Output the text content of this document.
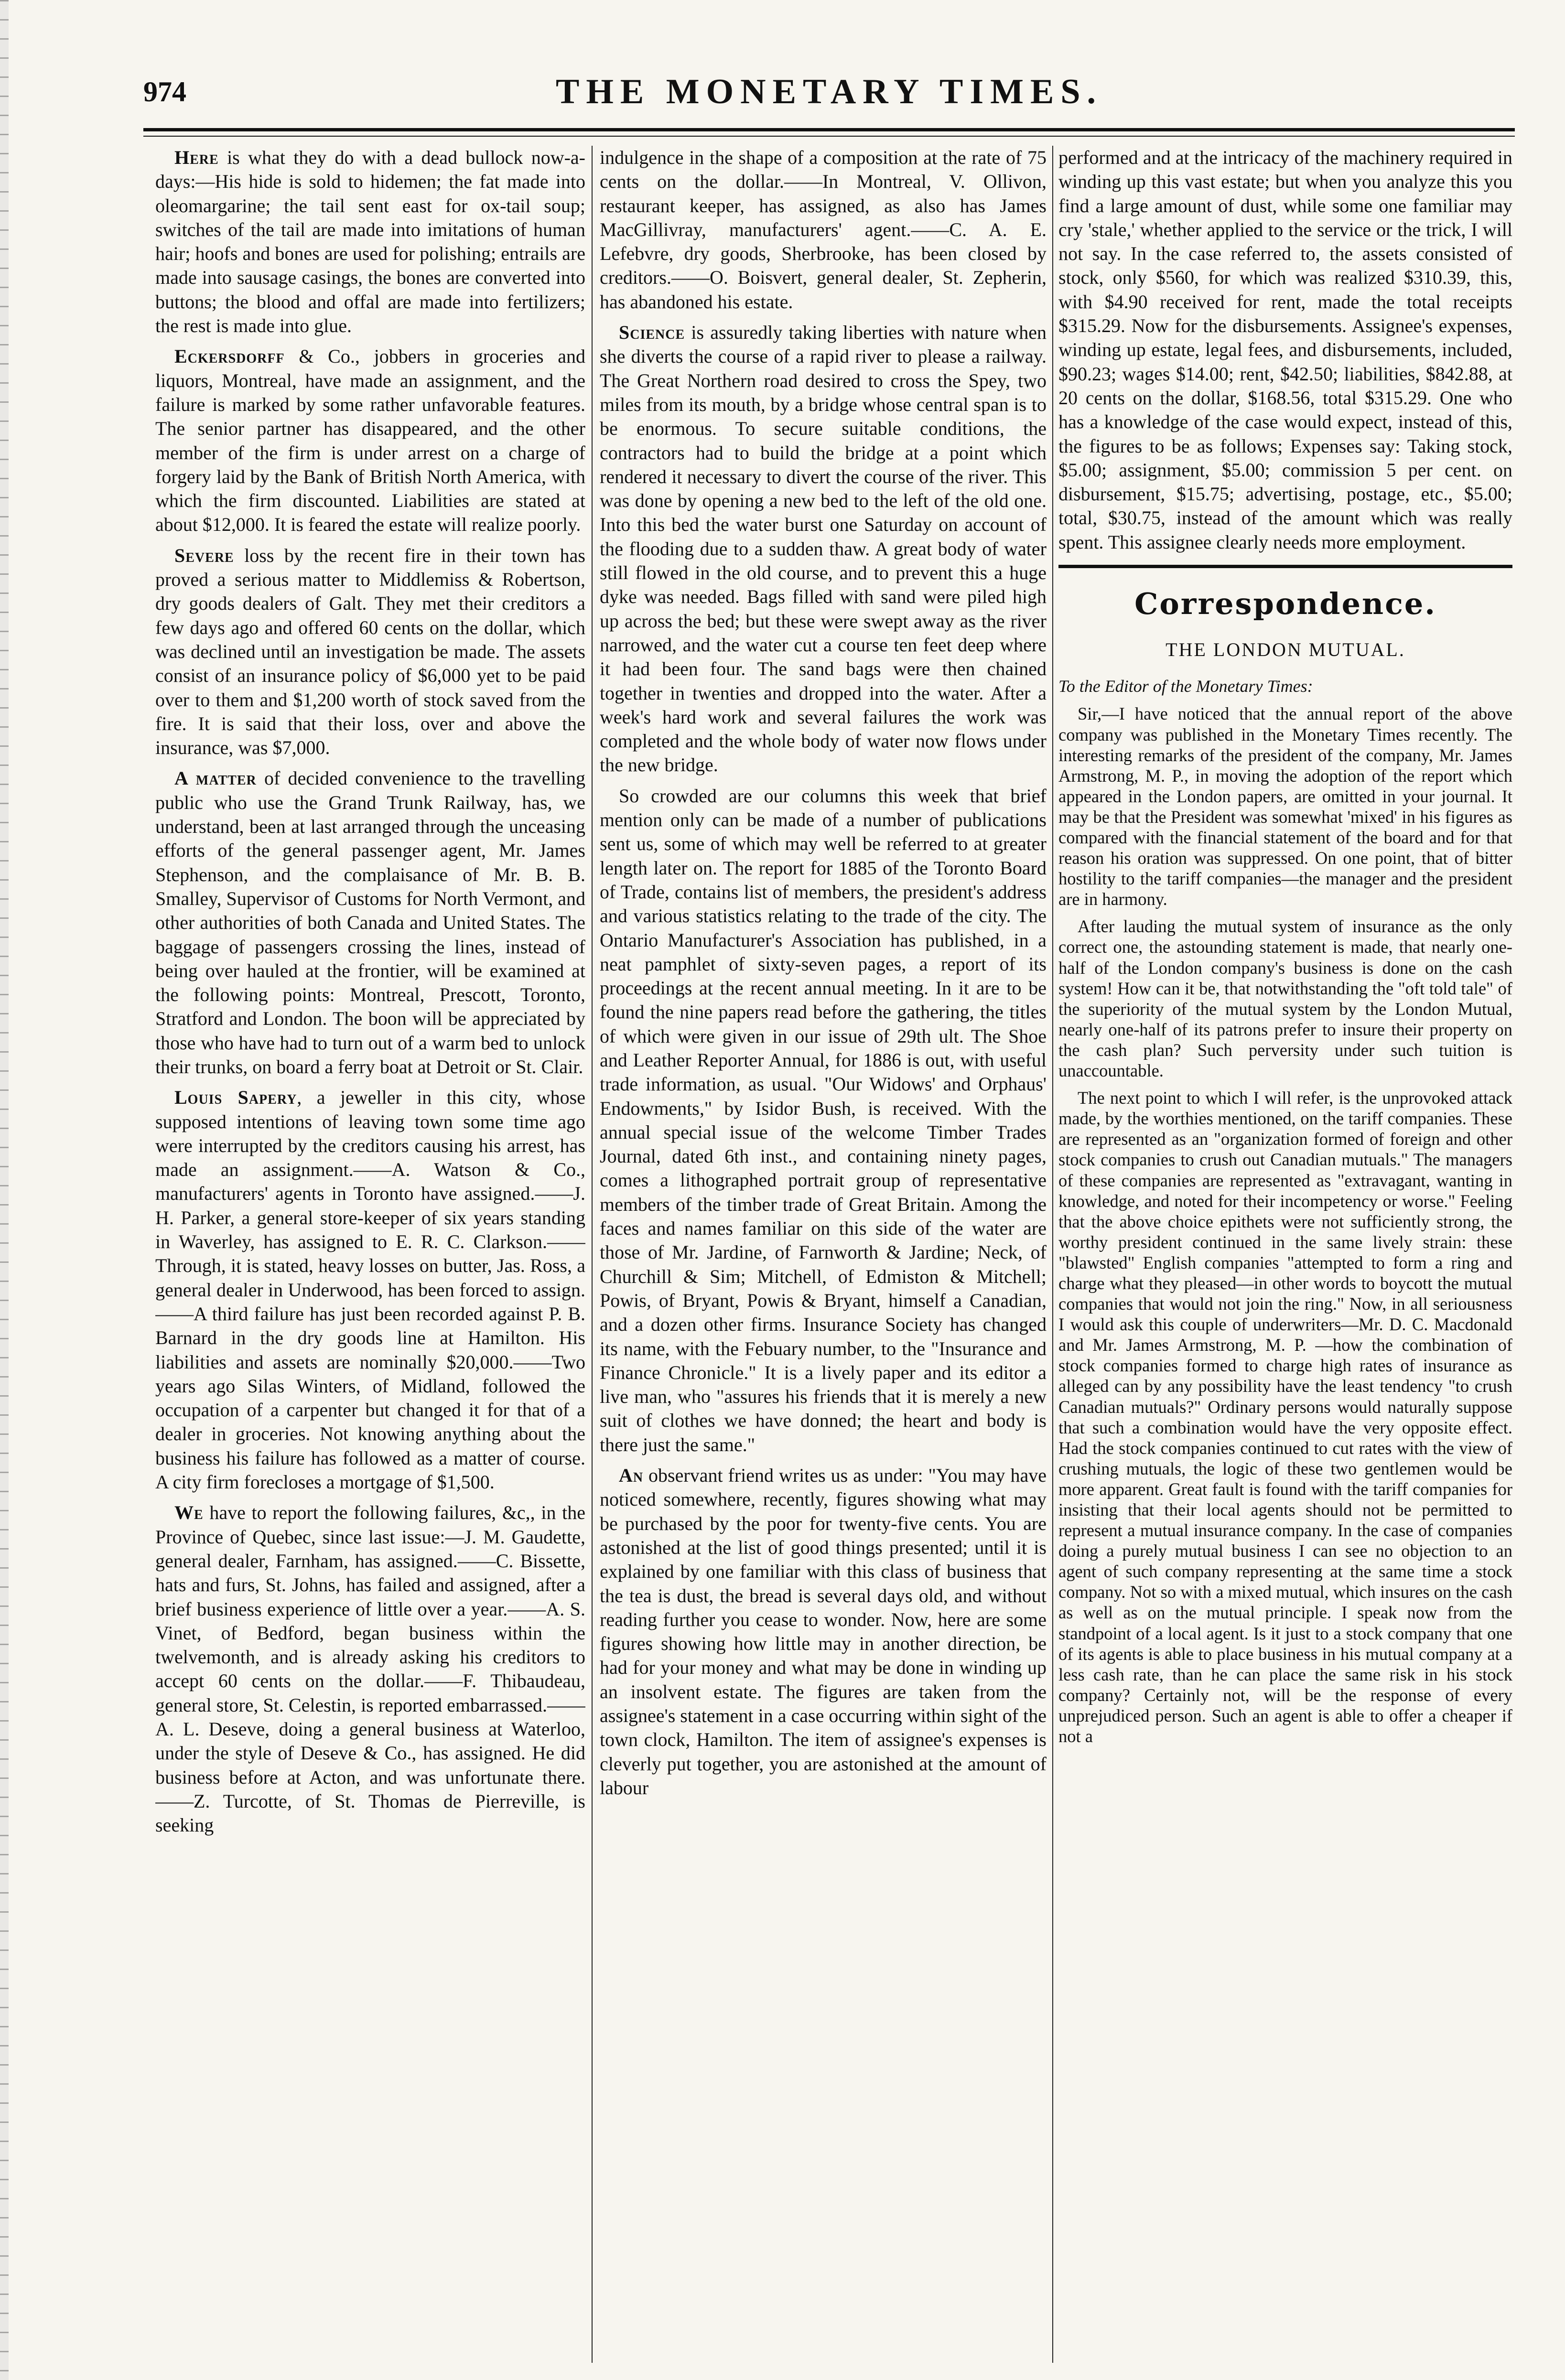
974	THE MONETARY TIMES.

Here is what they do with a dead bullock now-a-days:—His hide is sold to hidemen; the fat made into oleomargarine; the tail sent east for ox-tail soup; switches of the tail are made into imitations of human hair; hoofs and bones are used for polishing; entrails are made into sausage casings, the bones are converted into buttons; the blood and offal are made into fertilizers; the rest is made into glue.

Eckersdorff & Co., jobbers in groceries and liquors, Montreal, have made an assignment, and the failure is marked by some rather unfavorable features. The senior partner has disappeared, and the other member of the firm is under arrest on a charge of forgery laid by the Bank of British North America, with which the firm discounted. Liabilities are stated at about $12,000. It is feared the estate will realize poorly.

Severe loss by the recent fire in their town has proved a serious matter to Middlemiss & Robertson, dry goods dealers of Galt. They met their creditors a few days ago and offered 60 cents on the dollar, which was declined until an investigation be made. The assets consist of an insurance policy of $6,000 yet to be paid over to them and $1,200 worth of stock saved from the fire. It is said that their loss, over and above the insurance, was $7,000.

A matter of decided convenience to the travelling public who use the Grand Trunk Railway, has, we understand, been at last arranged through the unceasing efforts of the general passenger agent, Mr. James Stephenson, and the complaisance of Mr. B. B. Smalley, Supervisor of Customs for North Vermont, and other authorities of both Canada and United States. The baggage of passengers crossing the lines, instead of being over hauled at the frontier, will be examined at the following points: Montreal, Prescott, Toronto, Stratford and London. The boon will be appreciated by those who have had to turn out of a warm bed to unlock their trunks, on board a ferry boat at Detroit or St. Clair.

Louis Sapery, a jeweller in this city, whose supposed intentions of leaving town some time ago were interrupted by the creditors causing his arrest, has made an assignment.——A. Watson & Co., manufacturers' agents in Toronto have assigned.——J. H. Parker, a general store-keeper of six years standing in Waverley, has assigned to E. R. C. Clarkson.——Through, it is stated, heavy losses on butter, Jas. Ross, a general dealer in Underwood, has been forced to assign.——A third failure has just been recorded against P. B. Barnard in the dry goods line at Hamilton. His liabilities and assets are nominally $20,000.——Two years ago Silas Winters, of Midland, followed the occupation of a carpenter but changed it for that of a dealer in groceries. Not knowing anything about the business his failure has followed as a matter of course. A city firm forecloses a mortgage of $1,500.

We have to report the following failures, &c,, in the Province of Quebec, since last issue:—J. M. Gaudette, general dealer, Farnham, has assigned.——C. Bissette, hats and furs, St. Johns, has failed and assigned, after a brief business experience of little over a year.——A. S. Vinet, of Bedford, began business within the twelvemonth, and is already asking his creditors to accept 60 cents on the dollar.——F. Thibaudeau, general store, St. Celestin, is reported embarrassed.——A. L. Deseve, doing a general business at Waterloo, under the style of Deseve & Co., has assigned. He did business before at Acton, and was unfortunate there.——Z. Turcotte, of St. Thomas de Pierreville, is seeking

indulgence in the shape of a composition at the rate of 75 cents on the dollar.——In Montreal, V. Ollivon, restaurant keeper, has assigned, as also has James MacGillivray, manufacturers' agent.——C. A. E. Lefebvre, dry goods, Sherbrooke, has been closed by creditors.——O. Boisvert, general dealer, St. Zepherin, has abandoned his estate.

Science is assuredly taking liberties with nature when she diverts the course of a rapid river to please a railway. The Great Northern road desired to cross the Spey, two miles from its mouth, by a bridge whose central span is to be enormous. To secure suitable conditions, the contractors had to build the bridge at a point which rendered it necessary to divert the course of the river. This was done by opening a new bed to the left of the old one. Into this bed the water burst one Saturday on account of the flooding due to a sudden thaw. A great body of water still flowed in the old course, and to prevent this a huge dyke was needed. Bags filled with sand were piled high up across the bed; but these were swept away as the river narrowed, and the water cut a course ten feet deep where it had been four. The sand bags were then chained together in twenties and dropped into the water. After a week's hard work and several failures the work was completed and the whole body of water now flows under the new bridge.

So crowded are our columns this week that brief mention only can be made of a number of publications sent us, some of which may well be referred to at greater length later on. The report for 1885 of the Toronto Board of Trade, contains list of members, the president's address and various statistics relating to the trade of the city. The Ontario Manufacturer's Association has published, in a neat pamphlet of sixty-seven pages, a report of its proceedings at the recent annual meeting. In it are to be found the nine papers read before the gathering, the titles of which were given in our issue of 29th ult. The Shoe and Leather Reporter Annual, for 1886 is out, with useful trade information, as usual. "Our Widows' and Orphaus' Endowments," by Isidor Bush, is received. With the annual special issue of the welcome Timber Trades Journal, dated 6th inst., and containing ninety pages, comes a lithographed portrait group of representative members of the timber trade of Great Britain. Among the faces and names familiar on this side of the water are those of Mr. Jardine, of Farnworth & Jardine; Neck, of Churchill & Sim; Mitchell, of Edmiston & Mitchell; Powis, of Bryant, Powis & Bryant, himself a Canadian, and a dozen other firms. Insurance Society has changed its name, with the Febuary number, to the "Insurance and Finance Chronicle." It is a lively paper and its editor a live man, who "assures his friends that it is merely a new suit of clothes we have donned; the heart and body is there just the same."

An observant friend writes us as under: "You may have noticed somewhere, recently, figures showing what may be purchased by the poor for twenty-five cents. You are astonished at the list of good things presented; until it is explained by one familiar with this class of business that the tea is dust, the bread is several days old, and without reading further you cease to wonder. Now, here are some figures showing how little may in another direction, be had for your money and what may be done in winding up an insolvent estate. The figures are taken from the assignee's statement in a case occurring within sight of the town clock, Hamilton. The item of assignee's expenses is cleverly put together, you are astonished at the amount of labour

performed and at the intricacy of the machinery required in winding up this vast estate; but when you analyze this you find a large amount of dust, while some one familiar may cry 'stale,' whether applied to the service or the trick, I will not say. In the case referred to, the assets consisted of stock, only $560, for which was realized $310.39, this, with $4.90 received for rent, made the total receipts $315.29. Now for the disbursements. Assignee's expenses, winding up estate, legal fees, and disbursements, included, $90.23; wages $14.00; rent, $42.50; liabilities, $842.88, at 20 cents on the dollar, $168.56, total $315.29. One who has a knowledge of the case would expect, instead of this, the figures to be as follows; Expenses say: Taking stock, $5.00; assignment, $5.00; commission 5 per cent. on disbursement, $15.75; advertising, postage, etc., $5.00; total, $30.75, instead of the amount which was really spent. This assignee clearly needs more employment.

Correspondence.
THE LONDON MUTUAL.

To the Editor of the Monetary Times:

Sir,—I have noticed that the annual report of the above company was published in the Monetary Times recently. The interesting remarks of the president of the company, Mr. James Armstrong, M. P., in moving the adoption of the report which appeared in the London papers, are omitted in your journal. It may be that the President was somewhat 'mixed' in his figures as compared with the financial statement of the board and for that reason his oration was suppressed. On one point, that of bitter hostility to the tariff companies—the manager and the president are in harmony.

After lauding the mutual system of insurance as the only correct one, the astounding statement is made, that nearly one-half of the London company's business is done on the cash system! How can it be, that notwithstanding the "oft told tale" of the superiority of the mutual system by the London Mutual, nearly one-half of its patrons prefer to insure their property on the cash plan? Such perversity under such tuition is unaccountable.

The next point to which I will refer, is the unprovoked attack made, by the worthies mentioned, on the tariff companies. These are represented as an "organization formed of foreign and other stock companies to crush out Canadian mutuals." The managers of these companies are represented as "extravagant, wanting in knowledge, and noted for their incompetency or worse." Feeling that the above choice epithets were not sufficiently strong, the worthy president continued in the same lively strain: these "blawsted" English companies "attempted to form a ring and charge what they pleased—in other words to boycott the mutual companies that would not join the ring." Now, in all seriousness I would ask this couple of underwriters—Mr. D. C. Macdonald and Mr. James Armstrong, M. P. —how the combination of stock companies formed to charge high rates of insurance as alleged can by any possibility have the least tendency "to crush Canadian mutuals?" Ordinary persons would naturally suppose that such a combination would have the very opposite effect. Had the stock companies continued to cut rates with the view of crushing mutuals, the logic of these two gentlemen would be more apparent. Great fault is found with the tariff companies for insisting that their local agents should not be permitted to represent a mutual insurance company. In the case of companies doing a purely mutual business I can see no objection to an agent of such company representing at the same time a stock company. Not so with a mixed mutual, which insures on the cash as well as on the mutual principle. I speak now from the standpoint of a local agent. Is it just to a stock company that one of its agents is able to place business in his mutual company at a less cash rate, than he can place the same risk in his stock company? Certainly not, will be the response of every unprejudiced person. Such an agent is able to offer a cheaper if not a
